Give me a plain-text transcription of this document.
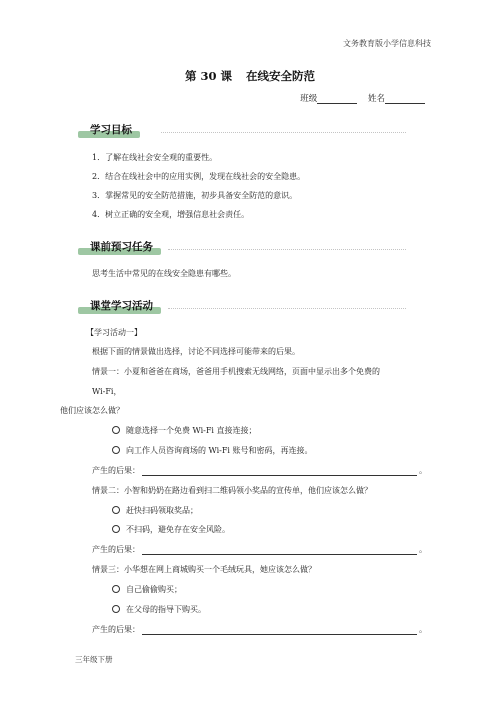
文务教育版小学信息科技
第 30 课 在线安全防范
班级	姓名
学习目标
1．了解在线社会安全观的重要性。
2．结合在线社会中的应用实例，发现在线社会的安全隐患。
3．掌握常见的安全防范措施，初步具备安全防范的意识。
4．树立正确的安全观，增强信息社会责任。
课前预习任务
思考生活中常见的在线安全隐患有哪些。
课堂学习活动
【学习活动一】
根据下面的情景做出选择，讨论不同选择可能带来的后果。
情景一：小夏和爸爸在商场，爸爸用手机搜索无线网络，页面中显示出多个免费的
Wi-Fi，
他们应该怎么做？
随意选择一个免费 Wi-Fi 直接连接；
向工作人员咨询商场的 Wi-Fi 账号和密码，再连接。
产生的后果：	。
情景二：小智和奶奶在路边看到扫二维码领小奖品的宣传单，他们应该怎么做？
赶快扫码领取奖品；
不扫码，避免存在安全风险。
产生的后果：	。
情景三：小华想在网上商城购买一个毛绒玩具，她应该怎么做？
自己偷偷购买；
在父母的指导下购买。
产生的后果：	。
三年级下册
